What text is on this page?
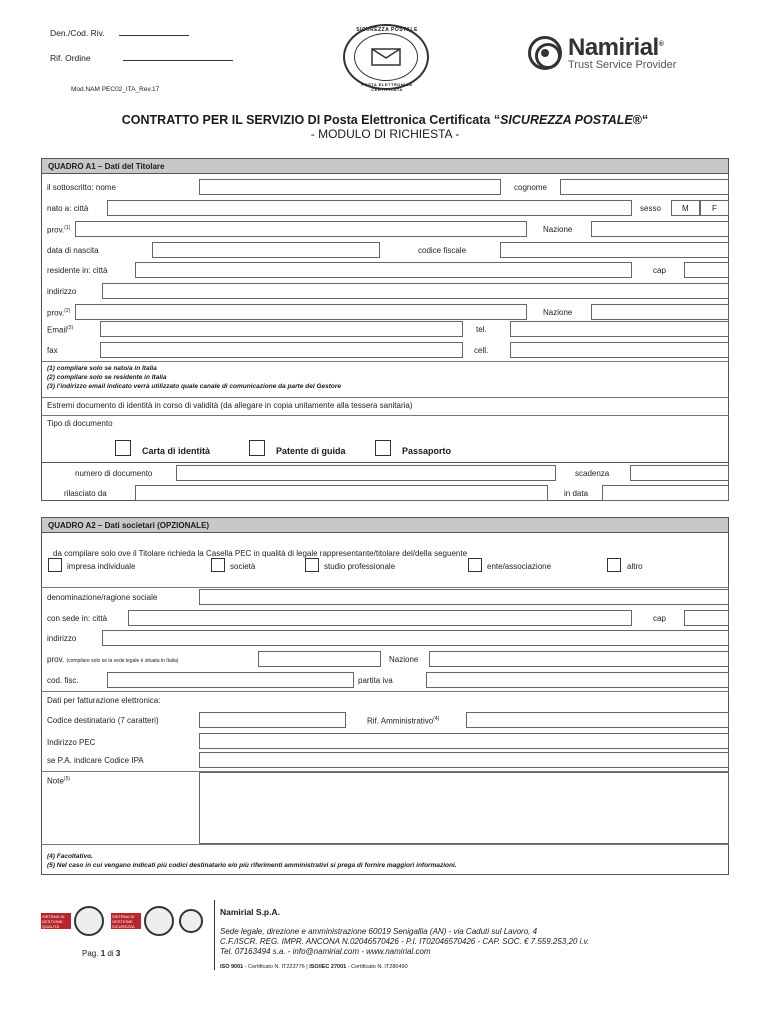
Den./Cod. Riv.
Rif. Ordine
Mod.NAM PEC02_ITA_Rev.17
SICUREZZA POSTALE
POSTA ELETTRONICA CERTIFICATA
Namirial®
Trust Service Provider
CONTRATTO PER IL SERVIZIO DI Posta Elettronica Certificata “SICUREZZA POSTALE®“
- MODULO DI RICHIESTA -
QUADRO A1 – Dati del Titolare
il sottoscritto: nome	cognome
nato a: città	sesso	M	F
prov.$^{(1)}$	Nazione
data di nascita	codice fiscale
residente in: città	cap
indirizzo
prov.$^{(2)}$	Nazione
Email$^{(3)}$	tel.
fax	cell.
(1) compilare solo se nato/a in Italia
(2) compilare solo se residente in Italia
(3) l’indirizzo email indicato verrà utilizzato quale canale di comunicazione da parte del Gestore
Estremi documento di identità in corso di validità (da allegare in copia unitamente alla tessera sanitaria)
Tipo di documento
Carta di identità	Patente di guida	Passaporto
numero di documento	scadenza
rilasciato da	in data
QUADRO A2 – Dati societari (OPZIONALE)
da compilare solo ove il Titolare richieda la Casella PEC in qualità di legale rappresentante/titolare del/della seguente
impresa individuale	società	studio professionale	ente/associazione	altro
denominazione/ragione sociale
con sede in: città	cap
indirizzo
prov. (compilare solo se la sede legale è situata in Italia)	Nazione
cod. fisc.	partita iva
Dati per fatturazione elettronica:
Codice destinatario (7 caratteri)	Rif. Amministrativo$^{(4)}$
Indirizzo PEC
se P.A. indicare Codice IPA
Note$^{(5)}$
(4) Facoltativo.
(5) Nel caso in cui vengano indicati più codici destinatario e/o più riferimenti amministrativi si prega di fornire maggiori informazioni.
SISTEMA DI GESTIONE QUALITÀ CERTIFICATO
SISTEMA DI GESTIONE SICUREZZA CERTIFICATO
Pag. 1 di 3
Namirial S.p.A.
Sede legale, direzione e amministrazione 60019 Senigallia (AN) - via Caduti sul Lavoro, 4
C.F./ISCR. REG. IMPR. ANCONA N.02046570426 - P.I. IT02046570426 - CAP. SOC. € 7.559.253,20 i.v.
Tel. 07163494 s.a. - info@namirial.com - www.namirial.com
ISO 9001 - Certificato N. IT223776 | ISO/IEC 27001 - Certificato N. IT280490
